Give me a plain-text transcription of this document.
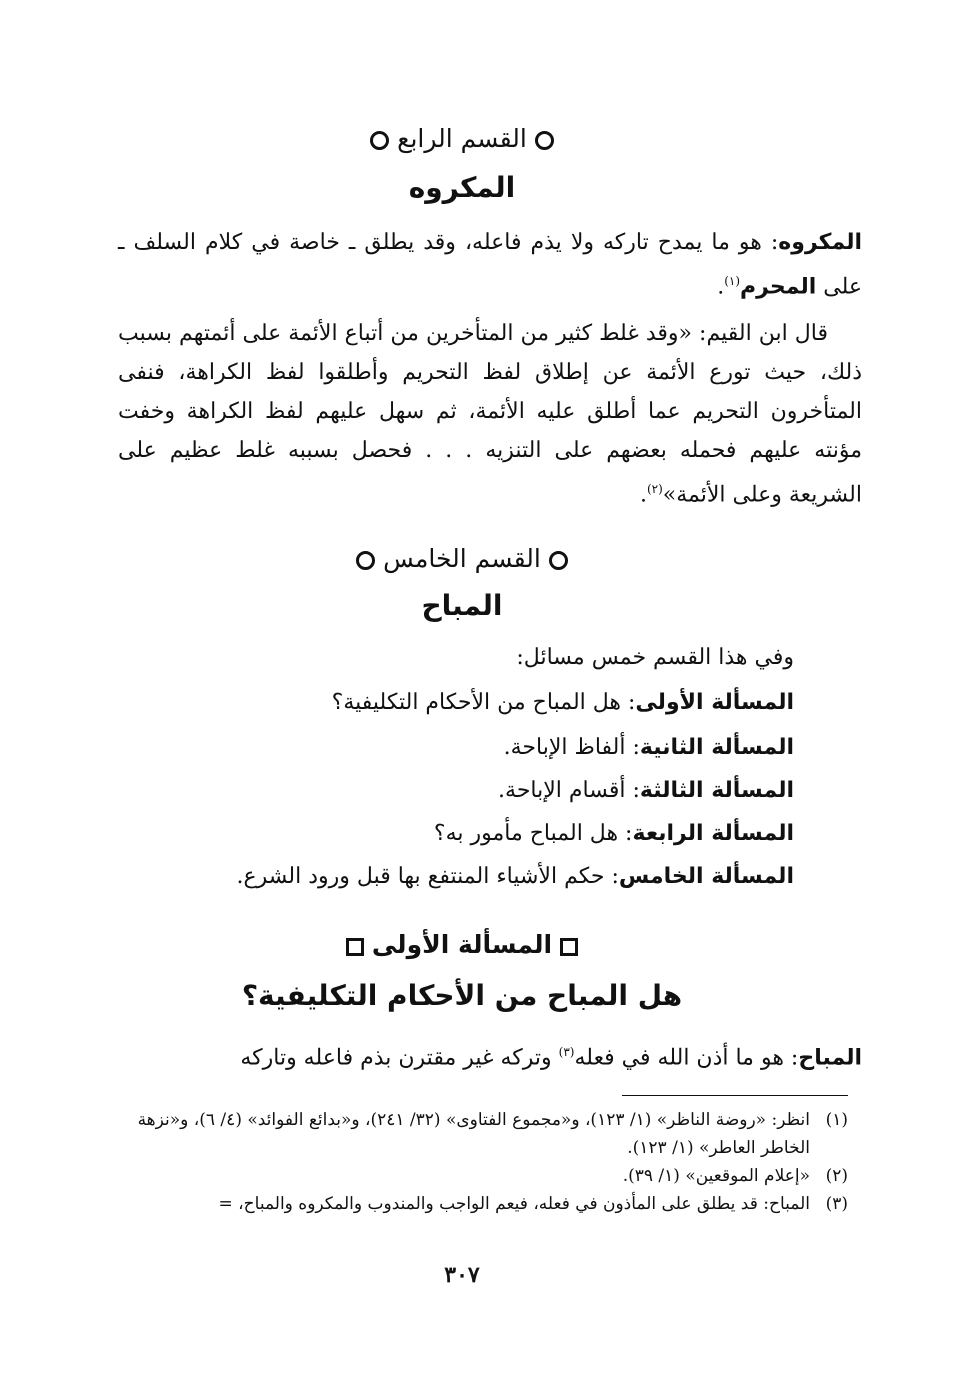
القسم الرابع
المكروه
المكروه: هو ما يمدح تاركه ولا يذم فاعله، وقد يطلق ـ خاصة في كلام السلف ـ على المحرم$^{(١)}$.
قال ابن القيم: «وقد غلط كثير من المتأخرين من أتباع الأئمة على أئمتهم بسبب ذلك، حيث تورع الأئمة عن إطلاق لفظ التحريم وأطلقوا لفظ الكراهة، فنفى المتأخرون التحريم عما أطلق عليه الأئمة، ثم سهل عليهم لفظ الكراهة وخفت مؤنته عليهم فحمله بعضهم على التنزيه . . . فحصل بسببه غلط عظيم على الشريعة وعلى الأئمة»$^{(٢)}$.
القسم الخامس
المباح
وفي هذا القسم خمس مسائل:
المسألة الأولى: هل المباح من الأحكام التكليفية؟
المسألة الثانية: ألفاظ الإباحة.
المسألة الثالثة: أقسام الإباحة.
المسألة الرابعة: هل المباح مأمور به؟
المسألة الخامس: حكم الأشياء المنتفع بها قبل ورود الشرع.
المسألة الأولى
هل المباح من الأحكام التكليفية؟
المباح: هو ما أذن الله في فعله$^{(٣)}$ وتركه غير مقترن بذم فاعله وتاركه
(١)
انظر: «روضة الناظر» (١/ ١٢٣)، و«مجموع الفتاوى» (٣٢/ ٢٤١)، و«بدائع الفوائد» (٤/ ٦)، و«نزهة الخاطر العاطر» (١/ ١٢٣).
(٢)
«إعلام الموقعين» (١/ ٣٩).
(٣)
المباح: قد يطلق على المأذون في فعله، فيعم الواجب والمندوب والمكروه والمباح، =
٣٠٧
